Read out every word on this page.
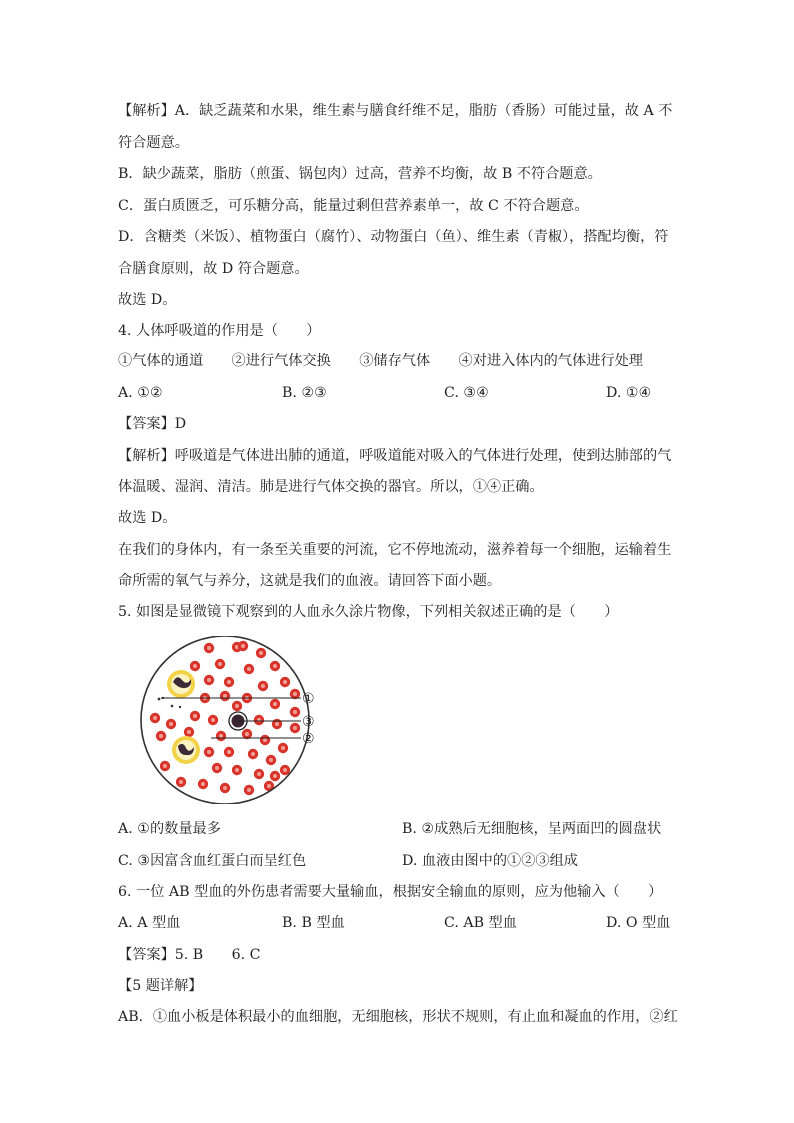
【解析】A．缺乏蔬菜和水果，维生素与膳食纤维不足，脂肪（香肠）可能过量，故 A 不
符合题意。
B．缺少蔬菜，脂肪（煎蛋、锅包肉）过高，营养不均衡，故 B 不符合题意。
C．蛋白质匮乏，可乐糖分高，能量过剩但营养素单一，故 C 不符合题意。
D．含糖类（米饭）、植物蛋白（腐竹）、动物蛋白（鱼）、维生素（青椒），搭配均衡，符
合膳食原则，故 D 符合题意。
故选 D。
4. 人体呼吸道的作用是（　　）
①气体的通道　　②进行气体交换　　③储存气体　　④对进入体内的气体进行处理
A. ①②	B. ②③	C. ③④	D. ①④
【答案】D
【解析】呼吸道是气体进出肺的通道，呼吸道能对吸入的气体进行处理，使到达肺部的气
体温暖、湿润、清洁。肺是进行气体交换的器官。所以，①④正确。
故选 D。
在我们的身体内，有一条至关重要的河流，它不停地流动，滋养着每一个细胞，运输着生
命所需的氧气与养分，这就是我们的血液。请回答下面小题。
5. 如图是显微镜下观察到的人血永久涂片物像，下列相关叙述正确的是（　　）
①
③
②
A. ①的数量最多	B. ②成熟后无细胞核，呈两面凹的圆盘状
C. ③因富含血红蛋白而呈红色	D. 血液由图中的①②③组成
6. 一位 AB 型血的外伤患者需要大量输血，根据安全输血的原则，应为他输入（　　）
A. A 型血	B. B 型血	C. AB 型血	D. O 型血
【答案】5. B　　6. C
【5 题详解】
AB．①血小板是体积最小的血细胞，无细胞核，形状不规则，有止血和凝血的作用，②红
